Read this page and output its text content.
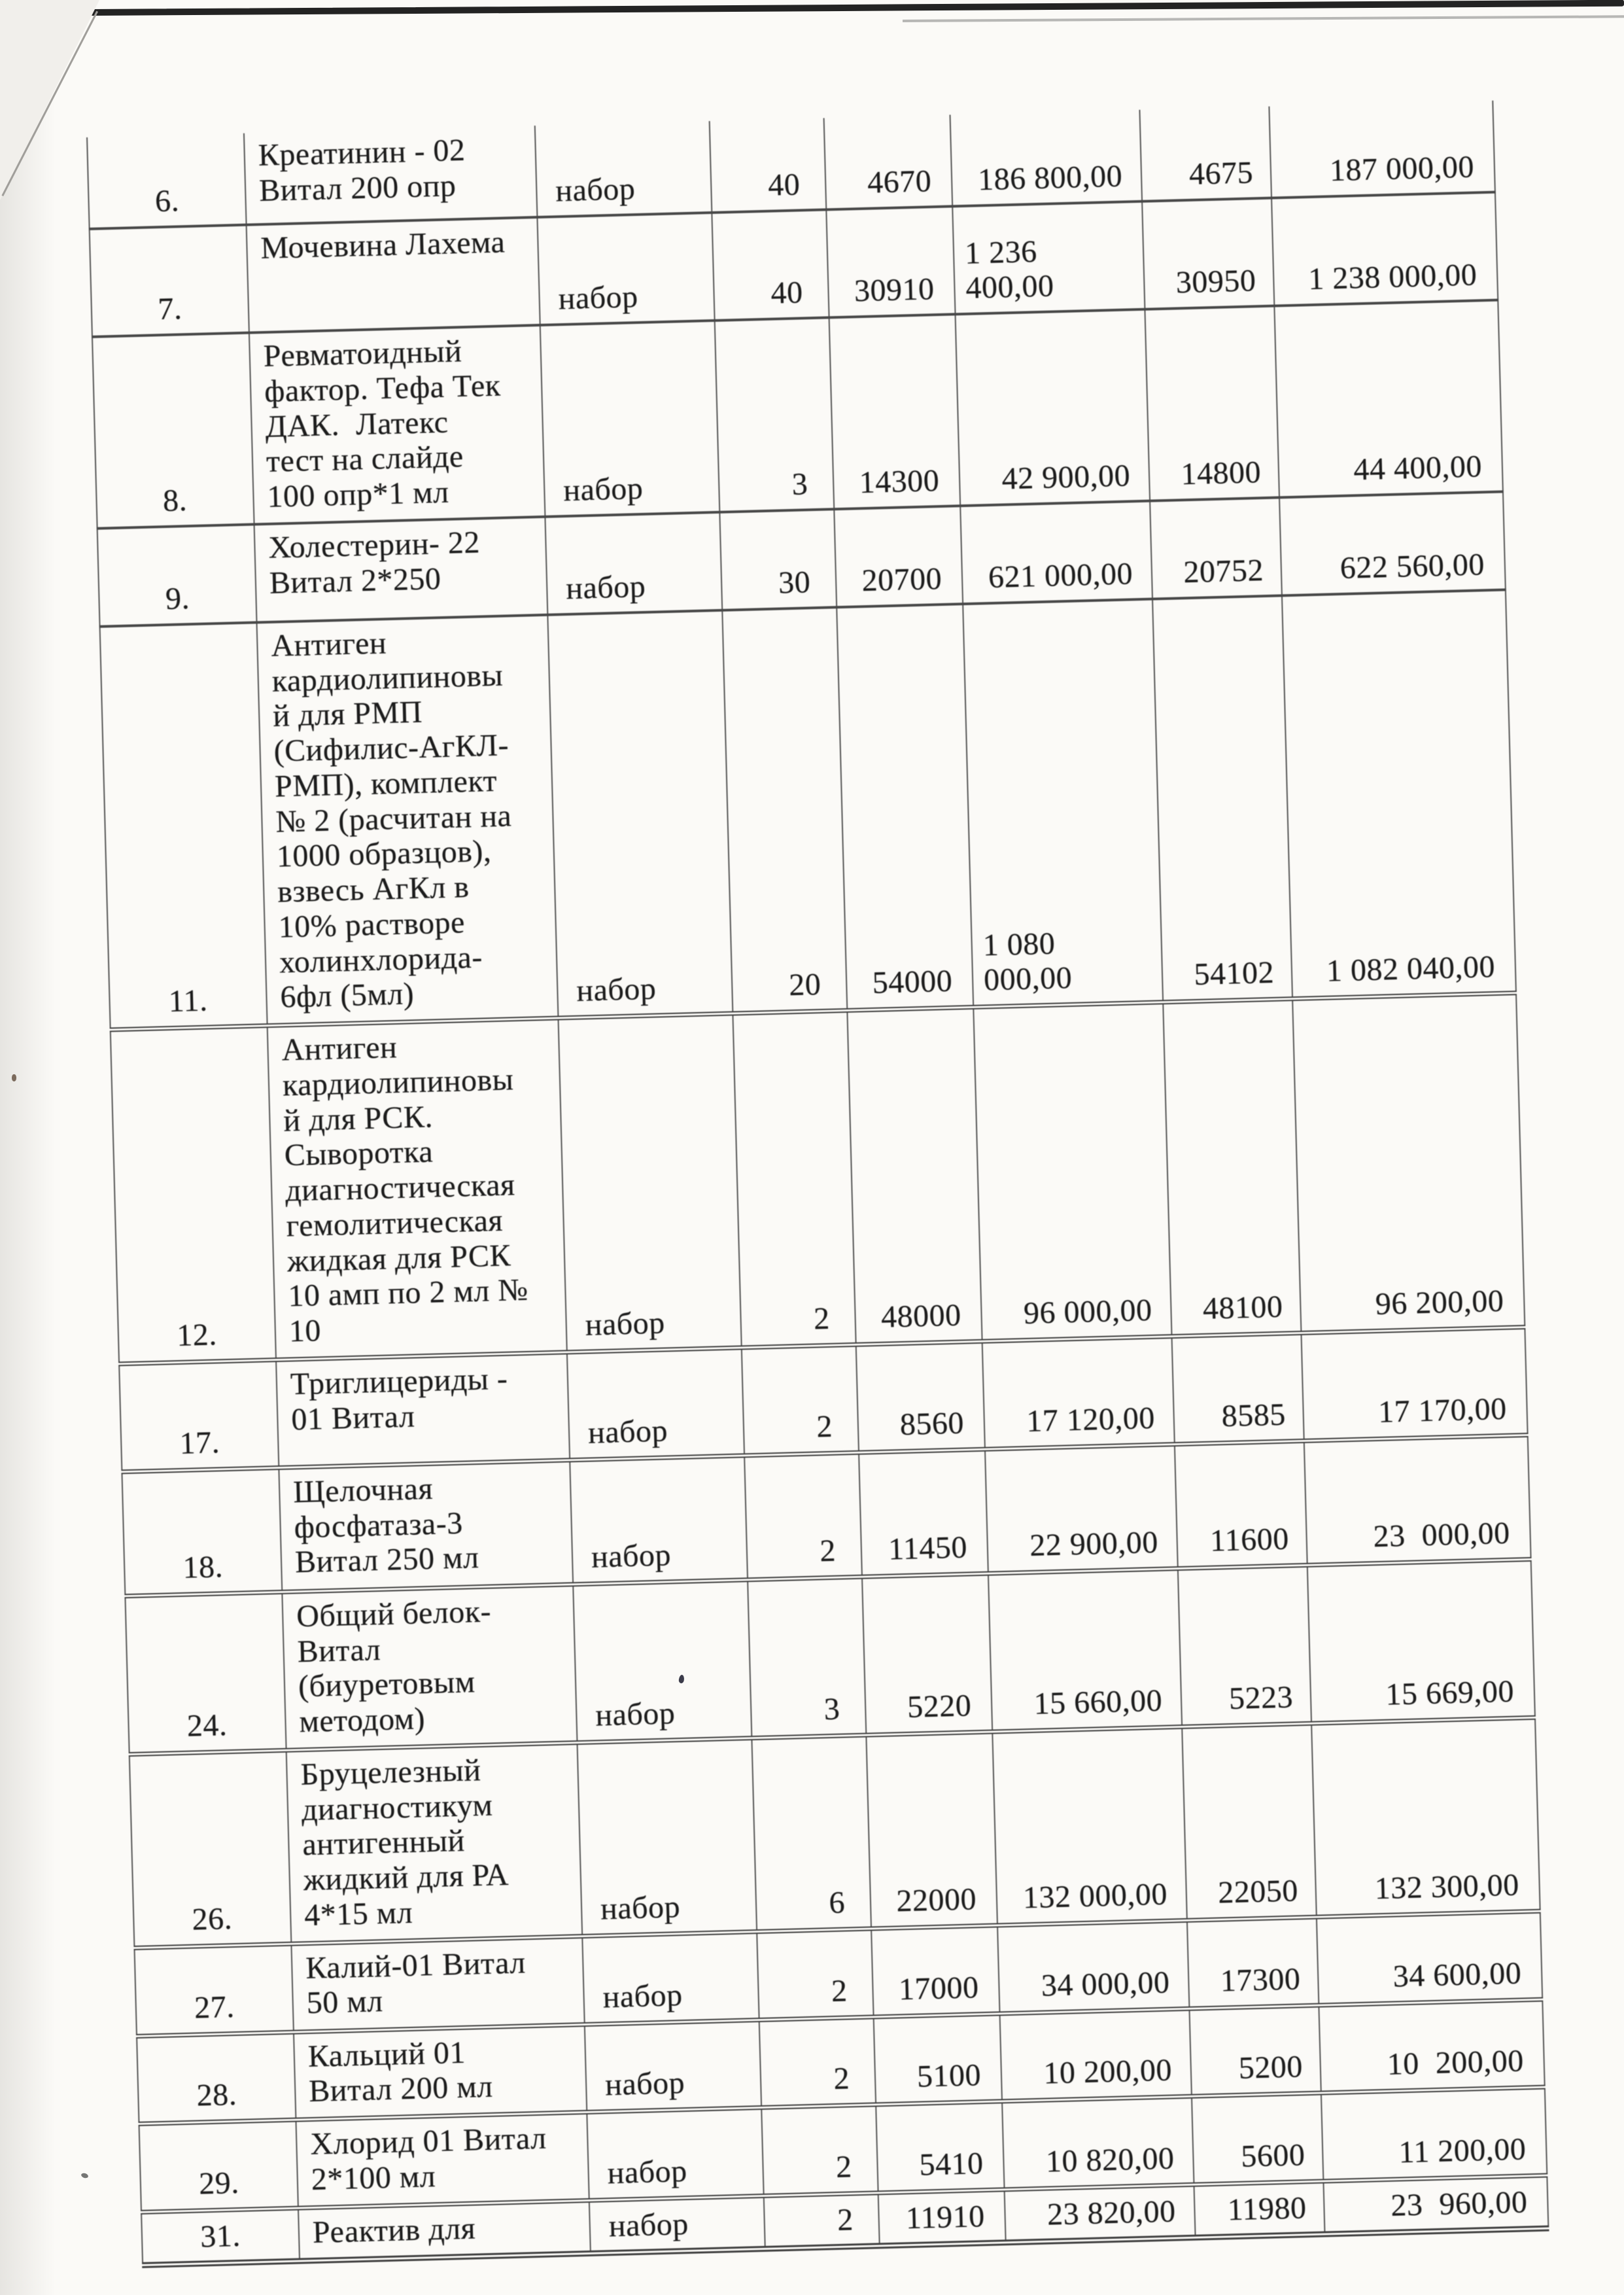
6.	Креатинин - 02
Витал 200 опр	набор	40	4670	186 800,00	4675	187 000,00
7.	Мочевина Лахема	набор	40	30910	1 236
400,00	30950	1 238 000,00
8.	Ревматоидный
фактор. Тефа Тек
ДАК.  Латекс
тест на слайде
100 опр*1 мл	набор	3	14300	42 900,00	14800	44 400,00
9.	Холестерин- 22
Витал 2*250	набор	30	20700	621 000,00	20752	622 560,00
11.	Антиген
кардиолипиновы
й для РМП
(Сифилис-АгКЛ-
РМП), комплект
№ 2 (расчитан на
1000 образцов),
взвесь АгКл в
10% растворе
холинхлорида-
6фл (5мл)	набор	20	54000	1 080
000,00	54102	1 082 040,00
12.	Антиген
кардиолипиновы
й для РСК.
Сыворотка
диагностическая
гемолитическая
жидкая для РСК
10 амп по 2 мл №
10	набор	2	48000	96 000,00	48100	96 200,00
17.	Триглицериды -
01 Витал	набор	2	8560	17 120,00	8585	17 170,00
18.	Щелочная
фосфатаза-3
Витал 250 мл	набор	2	11450	22 900,00	11600	23  000,00
24.	Общий белок-
Витал
(биуретовым
методом)	набор	3	5220	15 660,00	5223	15 669,00
26.	Бруцелезный
диагностикум
антигенный
жидкий для РА
4*15 мл	набор	6	22000	132 000,00	22050	132 300,00
27.	Калий-01 Витал
50 мл	набор	2	17000	34 000,00	17300	34 600,00
28.	Кальций 01
Витал 200 мл	набор	2	5100	10 200,00	5200	10  200,00
29.	Хлорид 01 Витал
2*100 мл	набор	2	5410	10 820,00	5600	11 200,00
31.	Реактив для	набор	2	11910	23 820,00	11980	23  960,00
